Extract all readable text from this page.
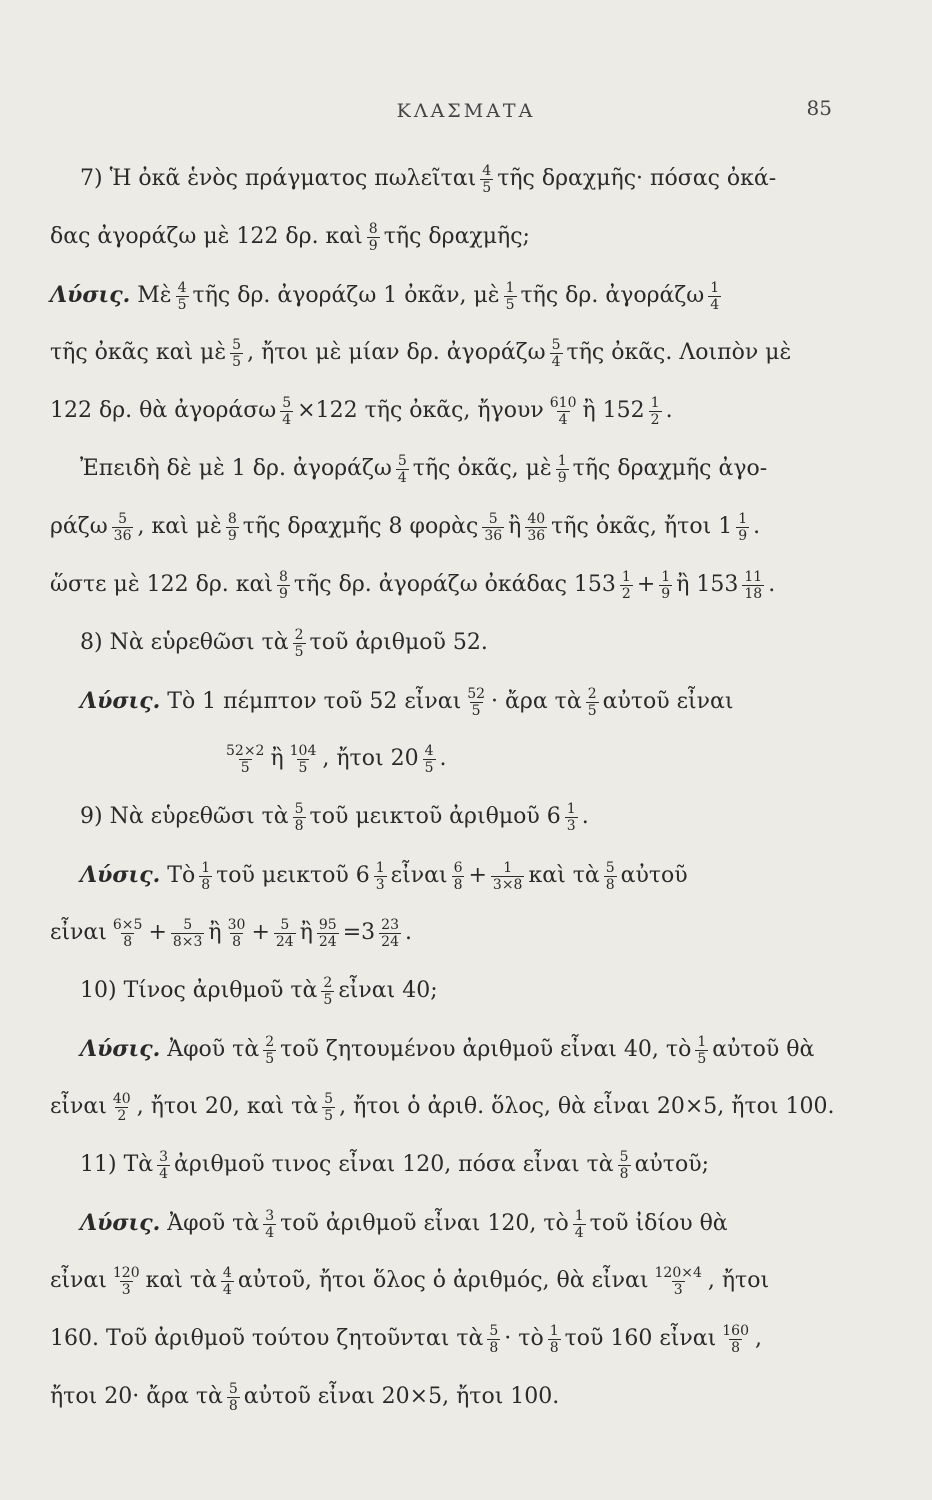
ΚΛΑΣΜΑΤΑ	85
7) Ἡ ὀκᾶ ἑνὸς πράγματος πωλεῖται $\frac{4}{5}$ τῆς δραχμῆς· πόσας ὀκά-
δας ἀγοράζω μὲ 122 δρ. καὶ $\frac{8}{9}$ τῆς δραχμῆς;
Λύσις. Μὲ $\frac{4}{5}$ τῆς δρ. ἀγοράζω 1 ὀκᾶν, μὲ $\frac{1}{5}$ τῆς δρ. ἀγοράζω $\frac{1}{4}$
τῆς ὀκᾶς καὶ μὲ $\frac{5}{5}$ , ἤτοι μὲ μίαν δρ. ἀγοράζω $\frac{5}{4}$ τῆς ὀκᾶς. Λοιπὸν μὲ
122 δρ. θὰ ἀγοράσω $\frac{5}{4} \times 122$ τῆς ὀκᾶς, ἤγουν $\frac{610}{4}$ ἢ $152 \frac{1}{2}$ .
Ἐπειδὴ δὲ μὲ 1 δρ. ἀγοράζω $\frac{5}{4}$ τῆς ὀκᾶς, μὲ $\frac{1}{9}$ τῆς δραχμῆς ἀγο-
ράζω $\frac{5}{36}$ , καὶ μὲ $\frac{8}{9}$ τῆς δραχμῆς 8 φορὰς $\frac{5}{36}$ ἢ $\frac{40}{36}$ τῆς ὀκᾶς, ἤτοι $1 \frac{1}{9}$ .
ὥστε μὲ 122 δρ. καὶ $\frac{8}{9}$ τῆς δρ. ἀγοράζω ὀκάδας $153 \frac{1}{2} + \frac{1}{9}$ ἢ $153 \frac{11}{18}$ .
8) Νὰ εὑρεθῶσι τὰ $\frac{2}{5}$ τοῦ ἀριθμοῦ 52.
Λύσις. Τὸ 1 πέμπτον τοῦ 52 εἶναι $\frac{52}{5}$ · ἄρα τὰ $\frac{2}{5}$ αὐτοῦ εἶναι
$\frac{52\times 2}{5}$ ἢ $\frac{104}{5}$ , ἤτοι $20 \frac{4}{5}$ .
9) Νὰ εὑρεθῶσι τὰ $\frac{5}{8}$ τοῦ μεικτοῦ ἀριθμοῦ $6 \frac{1}{3}$ .
Λύσις. Τὸ $\frac{1}{8}$ τοῦ μεικτοῦ $6 \frac{1}{3}$ εἶναι $\frac{6}{8} + \frac{1}{3\times 8}$ καὶ τὰ $\frac{5}{8}$ αὐτοῦ
εἶναι $\frac{6\times 5}{8} + \frac{5}{8\times 3}$ ἢ $\frac{30}{8} + \frac{5}{24}$ ἢ $\frac{95}{24} =3 \frac{23}{24}$ .
10) Τίνος ἀριθμοῦ τὰ $\frac{2}{5}$ εἶναι 40;
Λύσις. Ἀφοῦ τὰ $\frac{2}{5}$ τοῦ ζητουμένου ἀριθμοῦ εἶναι 40, τὸ $\frac{1}{5}$ αὐτοῦ θὰ
εἶναι $\frac{40}{2}$ , ἤτοι 20, καὶ τὰ $\frac{5}{5}$ , ἤτοι ὁ ἀριθ. ὅλος, θὰ εἶναι 20×5, ἤτοι 100.
11) Τὰ $\frac{3}{4}$ ἀριθμοῦ τινος εἶναι 120, πόσα εἶναι τὰ $\frac{5}{8}$ αὐτοῦ;
Λύσις. Ἀφοῦ τὰ $\frac{3}{4}$ τοῦ ἀριθμοῦ εἶναι 120, τὸ $\frac{1}{4}$ τοῦ ἰδίου θὰ
εἶναι $\frac{120}{3}$ καὶ τὰ $\frac{4}{4}$ αὐτοῦ, ἤτοι ὅλος ὁ ἀριθμός, θὰ εἶναι $\frac{120\times 4}{3}$ , ἤτοι
160. Τοῦ ἀριθμοῦ τούτου ζητοῦνται τὰ $\frac{5}{8}$ · τὸ $\frac{1}{8}$ τοῦ 160 εἶναι $\frac{160}{8}$ ,
ἤτοι 20· ἄρα τὰ $\frac{5}{8}$ αὐτοῦ εἶναι 20×5, ἤτοι 100.
